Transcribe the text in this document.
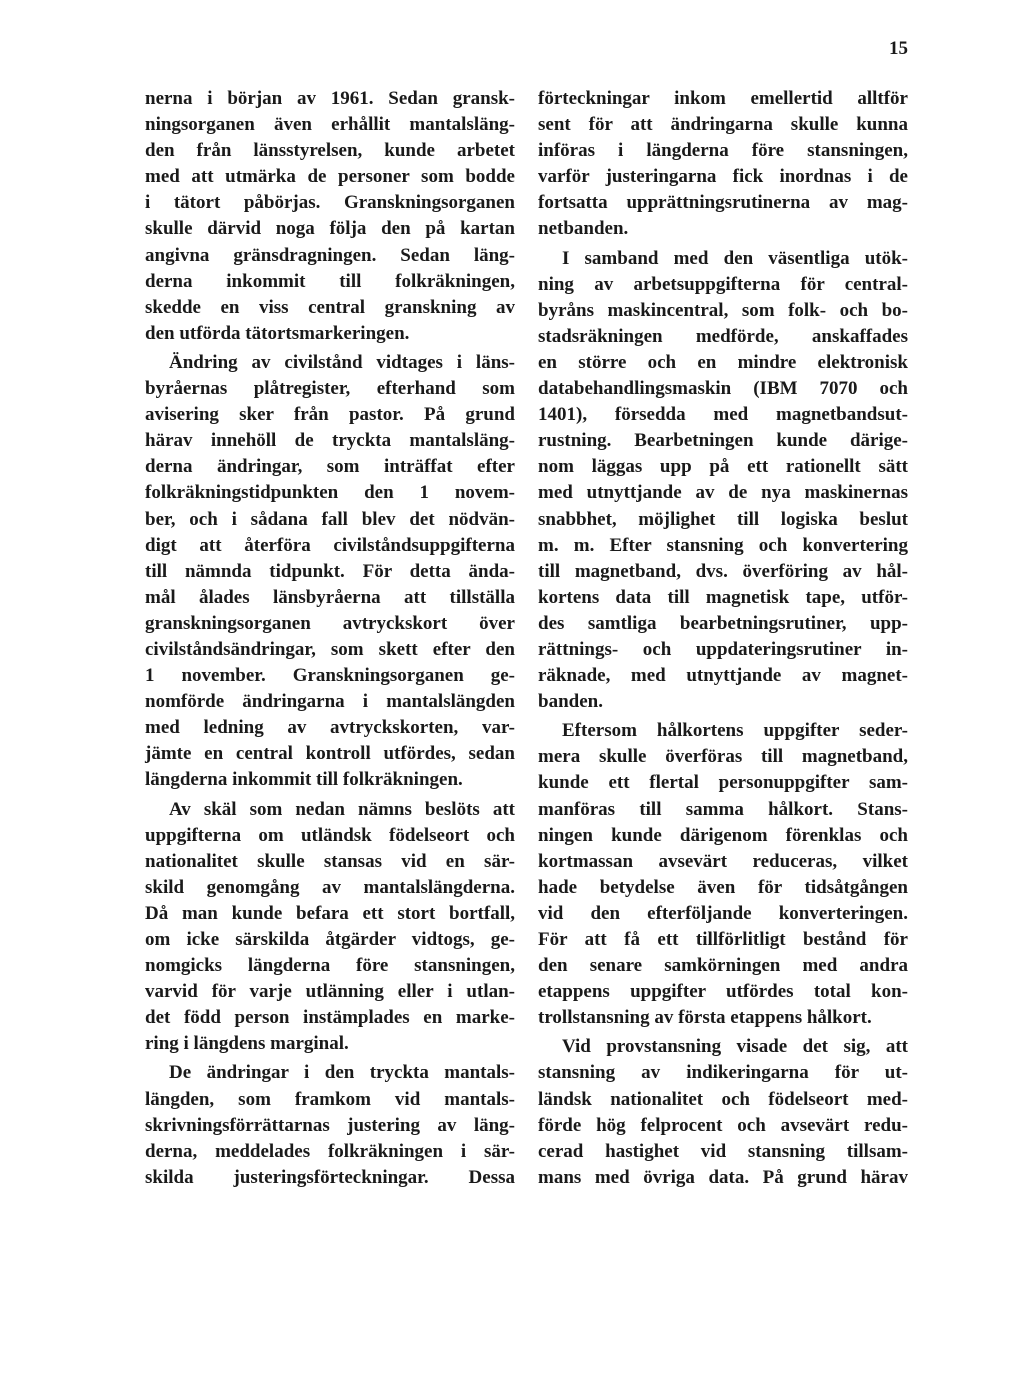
15
nerna i början av 1961. Sedan gransk-
ningsorganen även erhållit mantalsläng-
den från länsstyrelsen, kunde arbetet
med att utmärka de personer som bodde
i tätort påbörjas. Granskningsorganen
skulle därvid noga följa den på kartan
angivna gränsdragningen. Sedan läng-
derna inkommit till folkräkningen,
skedde en viss central granskning av
den utförda tätortsmarkeringen.
Ändring av civilstånd vidtages i läns-
byråernas plåtregister, efterhand som
avisering sker från pastor. På grund
härav innehöll de tryckta mantalsläng-
derna ändringar, som inträffat efter
folkräkningstidpunkten den 1 novem-
ber, och i sådana fall blev det nödvän-
digt att återföra civilståndsuppgifterna
till nämnda tidpunkt. För detta ända-
mål ålades länsbyråerna att tillställa
granskningsorganen avtryckskort över
civilståndsändringar, som skett efter den
1 november. Granskningsorganen ge-
nomförde ändringarna i mantalslängden
med ledning av avtryckskorten, var-
jämte en central kontroll utfördes, sedan
längderna inkommit till folkräkningen.
Av skäl som nedan nämns beslöts att
uppgifterna om utländsk födelseort och
nationalitet skulle stansas vid en sär-
skild genomgång av mantalslängderna.
Då man kunde befara ett stort bortfall,
om icke särskilda åtgärder vidtogs, ge-
nomgicks längderna före stansningen,
varvid för varje utlänning eller i utlan-
det född person instämplades en marke-
ring i längdens marginal.
De ändringar i den tryckta mantals-
längden, som framkom vid mantals-
skrivningsförrättarnas justering av läng-
derna, meddelades folkräkningen i sär-
skilda justeringsförteckningar. Dessa
förteckningar inkom emellertid alltför
sent för att ändringarna skulle kunna
införas i längderna före stansningen,
varför justeringarna fick inordnas i de
fortsatta upprättningsrutinerna av mag-
netbanden.
I samband med den väsentliga utök-
ning av arbetsuppgifterna för central-
byråns maskincentral, som folk- och bo-
stadsräkningen medförde, anskaffades
en större och en mindre elektronisk
databehandlingsmaskin (IBM 7070 och
1401), försedda med magnetbandsut-
rustning. Bearbetningen kunde därige-
nom läggas upp på ett rationellt sätt
med utnyttjande av de nya maskinernas
snabbhet, möjlighet till logiska beslut
m. m. Efter stansning och konvertering
till magnetband, dvs. överföring av hål-
kortens data till magnetisk tape, utför-
des samtliga bearbetningsrutiner, upp-
rättnings- och uppdateringsrutiner in-
räknade, med utnyttjande av magnet-
banden.
Eftersom hålkortens uppgifter seder-
mera skulle överföras till magnetband,
kunde ett flertal personuppgifter sam-
manföras till samma hålkort. Stans-
ningen kunde därigenom förenklas och
kortmassan avsevärt reduceras, vilket
hade betydelse även för tidsåtgången
vid den efterföljande konverteringen.
För att få ett tillförlitligt bestånd för
den senare samkörningen med andra
etappens uppgifter utfördes total kon-
trollstansning av första etappens hålkort.
Vid provstansning visade det sig, att
stansning av indikeringarna för ut-
ländsk nationalitet och födelseort med-
förde hög felprocent och avsevärt redu-
cerad hastighet vid stansning tillsam-
mans med övriga data. På grund härav
